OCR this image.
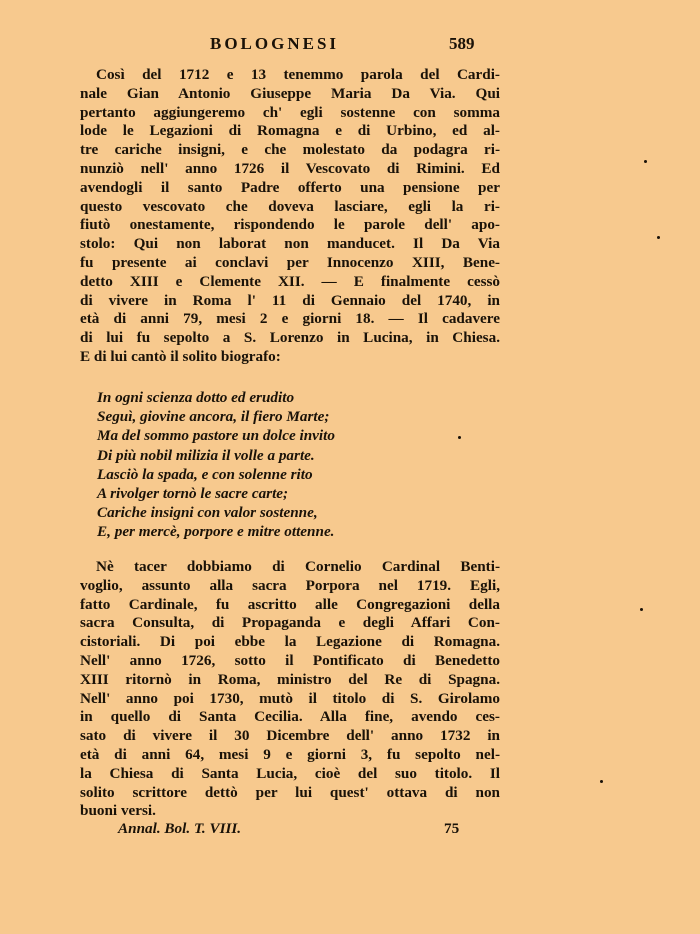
BOLOGNESI	589
Così del 1712 e 13 tenemmo parola del Cardi-
nale Gian Antonio Giuseppe Maria Da Via. Qui
pertanto aggiungeremo ch' egli sostenne con somma
lode le Legazioni di Romagna e di Urbino, ed al-
tre cariche insigni, e che molestato da podagra ri-
nunziò nell' anno 1726 il Vescovato di Rimini. Ed
avendogli il santo Padre offerto una pensione per
questo vescovato che doveva lasciare, egli la ri-
fiutò onestamente, rispondendo le parole dell' apo-
stolo: Qui non laborat non manducet. Il Da Via
fu presente ai conclavi per Innocenzo XIII, Bene-
detto XIII e Clemente XII. — E finalmente cessò
di vivere in Roma l' 11 di Gennaio del 1740, in
età di anni 79, mesi 2 e giorni 18. — Il cadavere
di lui fu sepolto a S. Lorenzo in Lucina, in Chiesa.
E di lui cantò il solito biografo:
In ogni scienza dotto ed erudito
Seguì, giovine ancora, il fiero Marte;
Ma del sommo pastore un dolce invito
Di più nobil milizia il volle a parte.
Lasciò la spada, e con solenne rito
A rivolger tornò le sacre carte;
Cariche insigni con valor sostenne,
E, per mercè, porpore e mitre ottenne.
Nè tacer dobbiamo di Cornelio Cardinal Benti-
voglio, assunto alla sacra Porpora nel 1719. Egli,
fatto Cardinale, fu ascritto alle Congregazioni della
sacra Consulta, di Propaganda e degli Affari Con-
cistoriali. Di poi ebbe la Legazione di Romagna.
Nell' anno 1726, sotto il Pontificato di Benedetto
XIII ritornò in Roma, ministro del Re di Spagna.
Nell' anno poi 1730, mutò il titolo di S. Girolamo
in quello di Santa Cecilia. Alla fine, avendo ces-
sato di vivere il 30 Dicembre dell' anno 1732 in
età di anni 64, mesi 9 e giorni 3, fu sepolto nel-
la Chiesa di Santa Lucia, cioè del suo titolo. Il
solito scrittore dettò per lui quest' ottava di non
buoni versi.
Annal. Bol. T. VIII.	75
